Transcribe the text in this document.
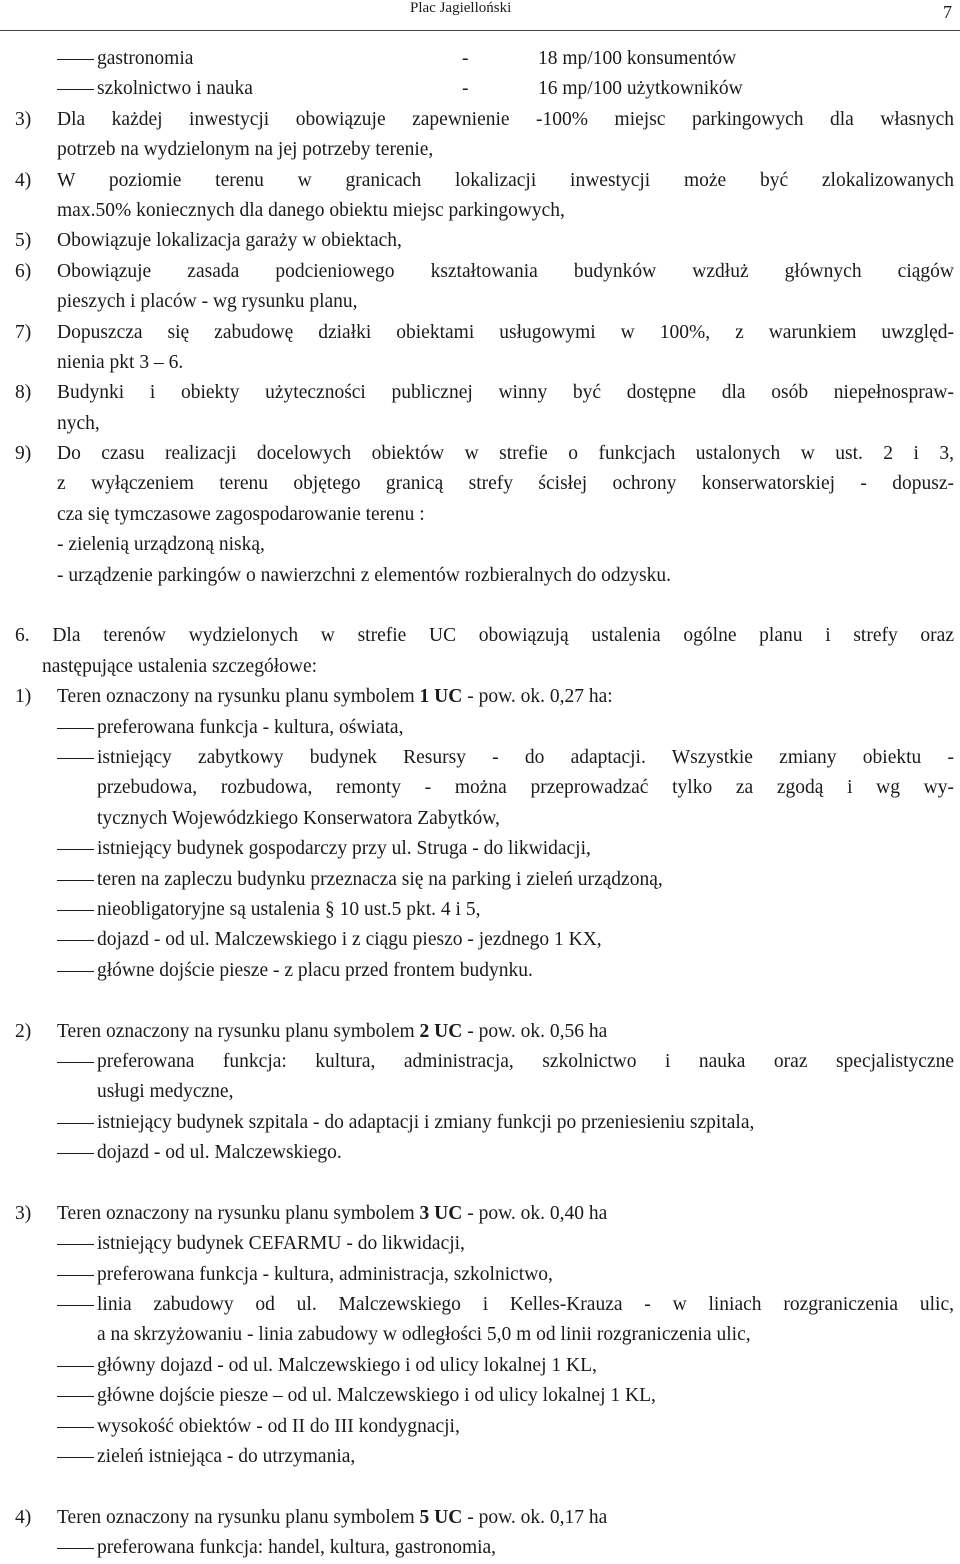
Plac Jagielloński	7
gastronomia	-	18 mp/100 konsumentów
szkolnictwo i nauka	-	16 mp/100 użytkowników
3)	Dla każdej inwestycji obowiązuje zapewnienie -100% miejsc parkingowych dla własnych
potrzeb na wydzielonym na jej potrzeby terenie,
4)	W poziomie terenu w granicach lokalizacji inwestycji może być zlokalizowanych
max.50% koniecznych dla danego obiektu miejsc parkingowych,
5)	Obowiązuje lokalizacja garaży w obiektach,
6)	Obowiązuje zasada podcieniowego kształtowania budynków wzdłuż głównych ciągów
pieszych i placów - wg rysunku planu,
7)	Dopuszcza się zabudowę działki obiektami usługowymi w 100%, z warunkiem uwzględ-
nienia pkt 3 – 6.
8)	Budynki i obiekty użyteczności publicznej winny być dostępne dla osób niepełnospraw-
nych,
9)	Do czasu realizacji docelowych obiektów w strefie o funkcjach ustalonych w ust. 2 i 3,
z wyłączeniem terenu objętego granicą strefy ścisłej ochrony konserwatorskiej - dopusz-
cza się tymczasowe zagospodarowanie terenu :
- zielenią urządzoną niską,
- urządzenie parkingów o nawierzchni z elementów rozbieralnych do odzysku.
6. Dla terenów wydzielonych w strefie UC obowiązują ustalenia ogólne planu i strefy oraz
następujące ustalenia szczegółowe:
1) Teren oznaczony na rysunku planu symbolem 1 UC - pow. ok. 0,27 ha:
preferowana funkcja - kultura, oświata,
istniejący zabytkowy budynek Resursy - do adaptacji. Wszystkie zmiany obiektu -
przebudowa, rozbudowa, remonty - można przeprowadzać tylko za zgodą i wg wy-
tycznych Wojewódzkiego Konserwatora Zabytków,
istniejący budynek gospodarczy przy ul. Struga - do likwidacji,
teren na zapleczu budynku przeznacza się na parking i zieleń urządzoną,
nieobligatoryjne są ustalenia § 10 ust.5 pkt. 4 i 5,
dojazd - od ul. Malczewskiego i z ciągu pieszo - jezdnego 1 KX,
główne dojście piesze - z placu przed frontem budynku.
2) Teren oznaczony na rysunku planu symbolem 2 UC - pow. ok. 0,56 ha
preferowana funkcja: kultura, administracja, szkolnictwo i nauka oraz specjalistyczne
usługi medyczne,
istniejący budynek szpitala - do adaptacji i zmiany funkcji po przeniesieniu szpitala,
dojazd - od ul. Malczewskiego.
3) Teren oznaczony na rysunku planu symbolem 3 UC - pow. ok. 0,40 ha
istniejący budynek CEFARMU - do likwidacji,
preferowana funkcja - kultura, administracja, szkolnictwo,
linia zabudowy od ul. Malczewskiego i Kelles-Krauza - w liniach rozgraniczenia ulic,
a na skrzyżowaniu - linia zabudowy w odległości 5,0 m od linii rozgraniczenia ulic,
główny dojazd - od ul. Malczewskiego i od ulicy lokalnej 1 KL,
główne dojście piesze – od ul. Malczewskiego i od ulicy lokalnej 1 KL,
wysokość obiektów - od II do III kondygnacji,
zieleń istniejąca - do utrzymania,
4) Teren oznaczony na rysunku planu symbolem 5 UC - pow. ok. 0,17 ha
preferowana funkcja: handel, kultura, gastronomia,
